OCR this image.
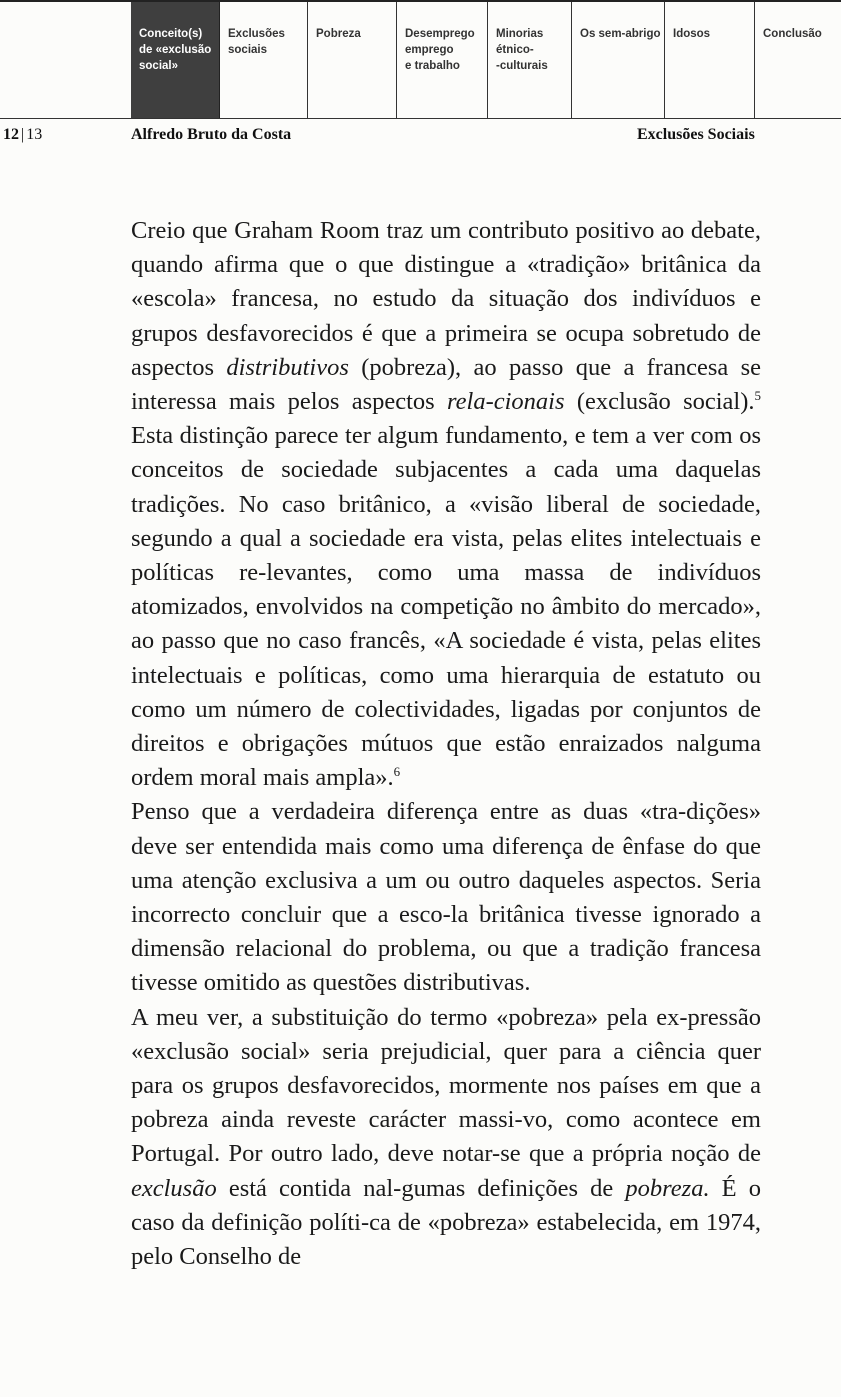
Conceito(s)
de «exclusão
social»
Exclusões
sociais
Pobreza	Desemprego
emprego
e trabalho
Minorias
étnico-
-culturais
Os sem-abrigo	Idosos	Conclusão
12 | 13	Alfredo Bruto da Costa	Exclusões Sociais

Creio que Graham Room traz um contributo positivo ao debate, quando afirma que o que distingue a «tradição» britânica da «escola» francesa, no estudo da situação dos indivíduos e grupos desfavorecidos é que a primeira se ocupa sobretudo de aspectos distributivos (pobreza), ao passo que a francesa se interessa mais pelos aspectos rela-cionais (exclusão social).$^5$ Esta distinção parece ter algum fundamento, e tem a ver com os conceitos de sociedade subjacentes a cada uma daquelas tradições. No caso britânico, a «visão liberal de sociedade, segundo a qual a sociedade era vista, pelas elites intelectuais e políticas re-levantes, como uma massa de indivíduos atomizados, envolvidos na competição no âmbito do mercado», ao passo que no caso francês, «A sociedade é vista, pelas elites intelectuais e políticas, como uma hierarquia de estatuto ou como um número de colectividades, ligadas por conjuntos de direitos e obrigações mútuos que estão enraizados nalguma ordem moral mais ampla».$^6$

Penso que a verdadeira diferença entre as duas «tra-dições» deve ser entendida mais como uma diferença de ênfase do que uma atenção exclusiva a um ou outro daqueles aspectos. Seria incorrecto concluir que a esco-la britânica tivesse ignorado a dimensão relacional do problema, ou que a tradição francesa tivesse omitido as questões distributivas.

A meu ver, a substituição do termo «pobreza» pela ex-pressão «exclusão social» seria prejudicial, quer para a ciência quer para os grupos desfavorecidos, mormente nos países em que a pobreza ainda reveste carácter massi-vo, como acontece em Portugal. Por outro lado, deve notar-se que a própria noção de exclusão está contida nal-gumas definições de pobreza. É o caso da definição políti-ca de «pobreza» estabelecida, em 1974, pelo Conselho de
